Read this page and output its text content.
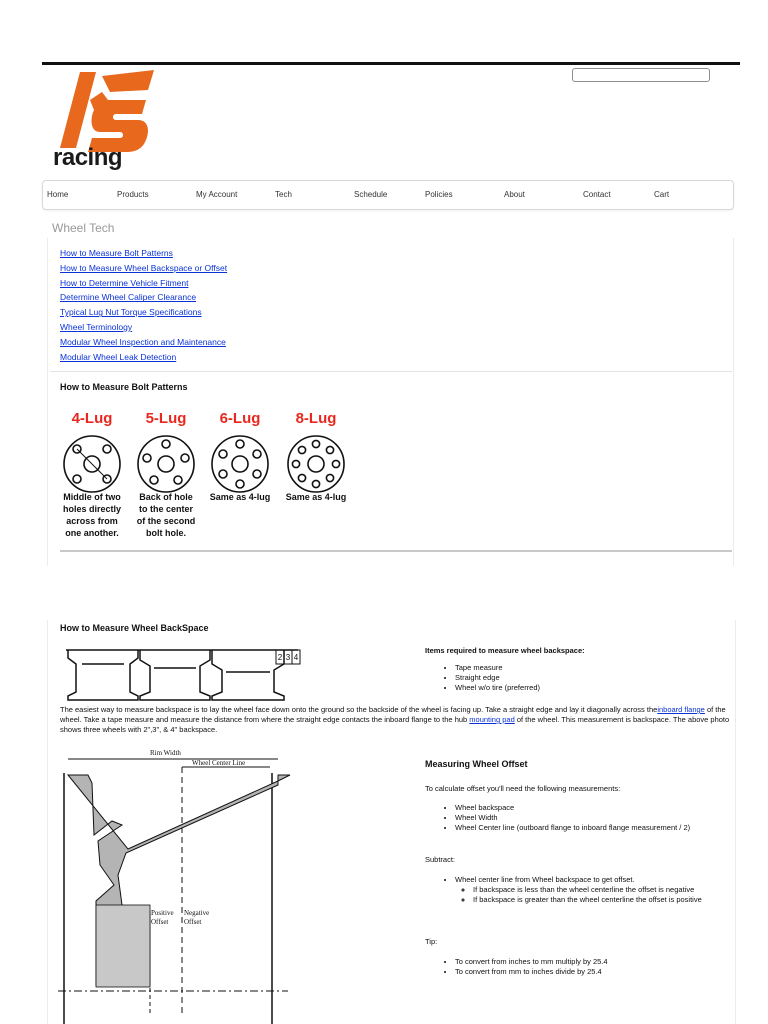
racing
Home	Products	My Account	Tech	Schedule	Policies	About	Contact	Cart
Wheel Tech
How to Measure Bolt Patterns
How to Measure Wheel Backspace or Offset
How to Determine Vehicle Fitment
Determine Wheel Caliper Clearance
Typical Lug Nut Torque Specifications
Wheel Terminology
Modular Wheel Inspection and Maintenance
Modular Wheel Leak Detection
How to Measure Bolt Patterns
4-Lug 5-Lug 6-Lug 8-Lug
Middle of two
holes directly
across from
one another.
Back of hole
to the center
of the second
bolt hole.
Same as 4-lug Same as 4-lug
How to Measure Wheel BackSpace
2 3 4
Items required to measure wheel backspace:
• Tape measure
• Straight edge
• Wheel w/o tire (preferred)
The easiest way to measure backspace is to lay the wheel face down onto the ground so the backside of the wheel is facing up. Take a straight edge and lay it diagonally across theinboard flange of the wheel. Take a tape measure and measure the distance from where the straight edge contacts the inboard flange to the hub mounting pad of the wheel. This measurement is backspace. The above photo shows three wheels with 2",3", & 4" backspace.
Rim Width
Wheel Center Line
Positive
Offset
Negative
Offset
Measuring Wheel Offset
To calculate offset you'll need the following measurements:
• Wheel backspace
• Wheel Width
• Wheel Center line (outboard flange to inboard flange measurement / 2)
Subtract:
• Wheel center line from Wheel backspace to get offset.
◦ If backspace is less than the wheel centerline the offset is negative
◦ If backspace is greater than the wheel centerline the offset is positive
Tip:
• To convert from inches to mm multiply by 25.4
• To convert from mm to inches divide by 25.4
